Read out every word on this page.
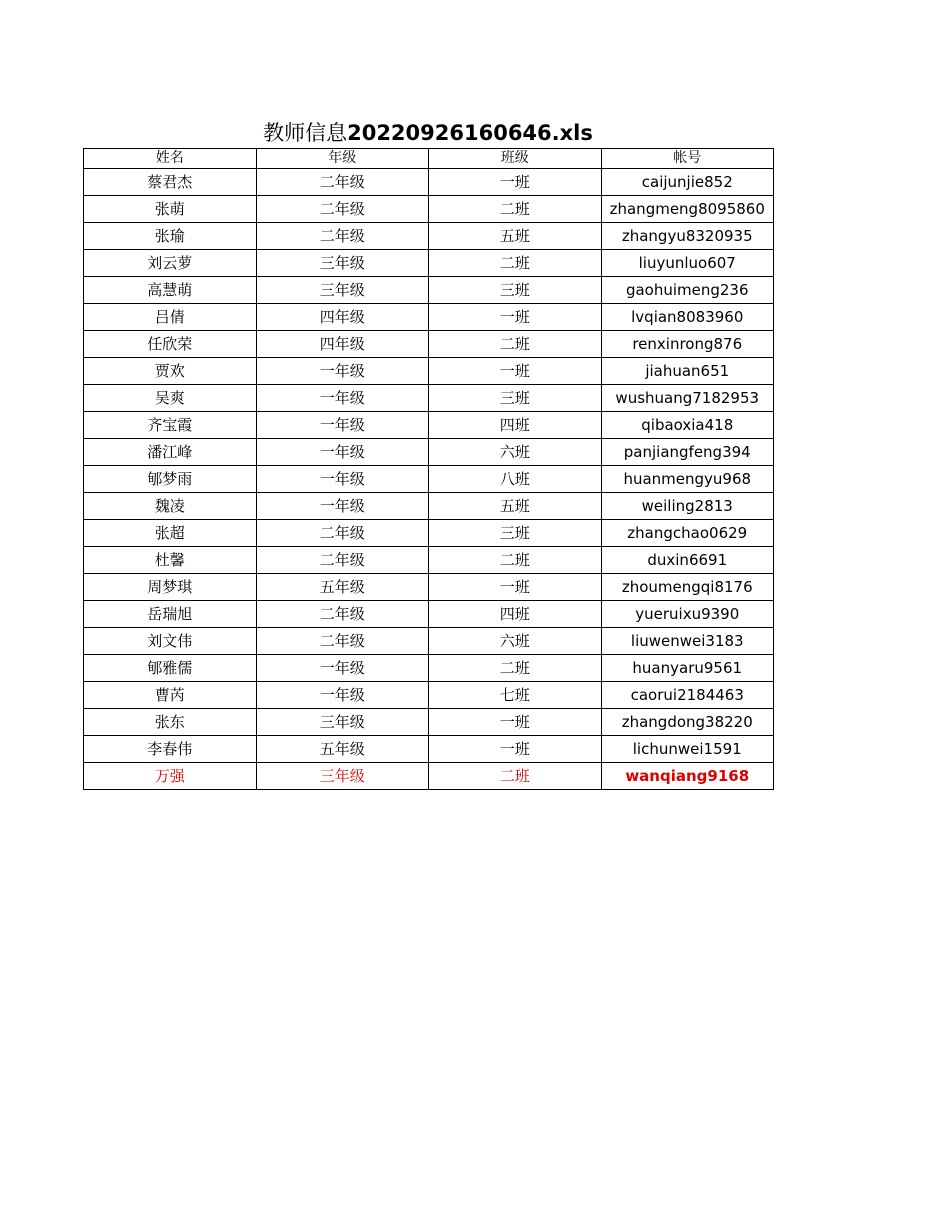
教师信息20220926160646.xls
姓名	年级	班级	帐号
蔡君杰	二年级	一班	caijunjie852
张萌	二年级	二班	zhangmeng8095860
张瑜	二年级	五班	zhangyu8320935
刘云萝	三年级	二班	liuyunluo607
高慧萌	三年级	三班	gaohuimeng236
吕倩	四年级	一班	lvqian8083960
任欣荣	四年级	二班	renxinrong876
贾欢	一年级	一班	jiahuan651
吴爽	一年级	三班	wushuang7182953
齐宝霞	一年级	四班	qibaoxia418
潘江峰	一年级	六班	panjiangfeng394
郇梦雨	一年级	八班	huanmengyu968
魏凌	一年级	五班	weiling2813
张超	二年级	三班	zhangchao0629
杜馨	二年级	二班	duxin6691
周梦琪	五年级	一班	zhoumengqi8176
岳瑞旭	二年级	四班	yueruixu9390
刘文伟	二年级	六班	liuwenwei3183
郇雅儒	一年级	二班	huanyaru9561
曹芮	一年级	七班	caorui2184463
张东	三年级	一班	zhangdong38220
李春伟	五年级	一班	lichunwei1591
万强	三年级	二班	wanqiang9168
